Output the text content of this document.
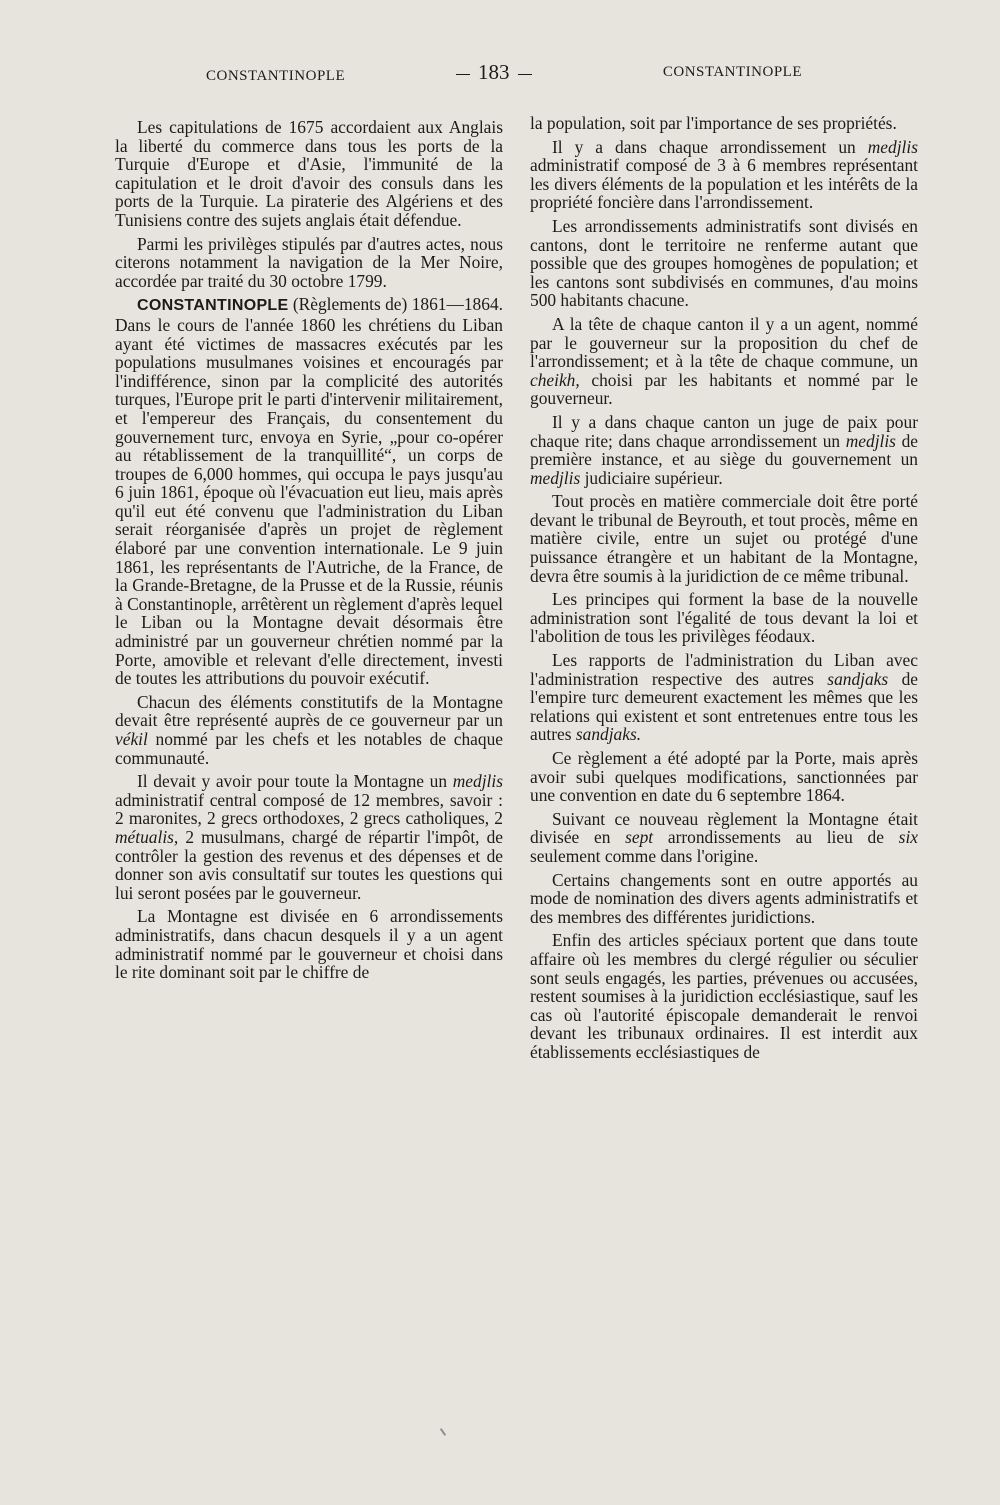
CONSTANTINOPLE	183	CONSTANTINOPLE

Les capitulations de 1675 accordaient aux Anglais la liberté du commerce dans tous les ports de la Turquie d'Europe et d'Asie, l'immunité de la capitulation et le droit d'avoir des consuls dans les ports de la Turquie. La piraterie des Algériens et des Tunisiens contre des sujets anglais était défendue.

Parmi les privilèges stipulés par d'autres actes, nous citerons notamment la navigation de la Mer Noire, accordée par traité du 30 octobre 1799.

CONSTANTINOPLE (Règlements de) 1861—1864. Dans le cours de l'année 1860 les chrétiens du Liban ayant été victimes de massacres exécutés par les populations musulmanes voisines et encouragés par l'indifférence, sinon par la complicité des autorités turques, l'Europe prit le parti d'intervenir militairement, et l'empereur des Français, du consentement du gouvernement turc, envoya en Syrie, „pour co-opérer au rétablissement de la tranquillité“, un corps de troupes de 6,000 hommes, qui occupa le pays jusqu'au 6 juin 1861, époque où l'évacuation eut lieu, mais après qu'il eut été convenu que l'administration du Liban serait réorganisée d'après un projet de règlement élaboré par une convention internationale. Le 9 juin 1861, les représentants de l'Autriche, de la France, de la Grande-Bretagne, de la Prusse et de la Russie, réunis à Constantinople, arrêtèrent un règlement d'après lequel le Liban ou la Montagne devait désormais être administré par un gouverneur chrétien nommé par la Porte, amovible et relevant d'elle directement, investi de toutes les attributions du pouvoir exécutif.

Chacun des éléments constitutifs de la Montagne devait être représenté auprès de ce gouverneur par un vékil nommé par les chefs et les notables de chaque communauté.

Il devait y avoir pour toute la Montagne un medjlis administratif central composé de 12 membres, savoir : 2 maronites, 2 grecs orthodoxes, 2 grecs catholiques, 2 métualis, 2 musulmans, chargé de répartir l'impôt, de contrôler la gestion des revenus et des dépenses et de donner son avis consultatif sur toutes les questions qui lui seront posées par le gouverneur.

La Montagne est divisée en 6 arrondissements administratifs, dans chacun desquels il y a un agent administratif nommé par le gouverneur et choisi dans le rite dominant soit par le chiffre de

la population, soit par l'importance de ses propriétés.

Il y a dans chaque arrondissement un medjlis administratif composé de 3 à 6 membres représentant les divers éléments de la population et les intérêts de la propriété foncière dans l'arrondissement.

Les arrondissements administratifs sont divisés en cantons, dont le territoire ne renferme autant que possible que des groupes homogènes de population; et les cantons sont subdivisés en communes, d'au moins 500 habitants chacune.

A la tête de chaque canton il y a un agent, nommé par le gouverneur sur la proposition du chef de l'arrondissement; et à la tête de chaque commune, un cheikh, choisi par les habitants et nommé par le gouverneur.

Il y a dans chaque canton un juge de paix pour chaque rite; dans chaque arrondissement un medjlis de première instance, et au siège du gouvernement un medjlis judiciaire supérieur.

Tout procès en matière commerciale doit être porté devant le tribunal de Beyrouth, et tout procès, même en matière civile, entre un sujet ou protégé d'une puissance étrangère et un habitant de la Montagne, devra être soumis à la juridiction de ce même tribunal.

Les principes qui forment la base de la nouvelle administration sont l'égalité de tous devant la loi et l'abolition de tous les privilèges féodaux.

Les rapports de l'administration du Liban avec l'administration respective des autres sandjaks de l'empire turc demeurent exactement les mêmes que les relations qui existent et sont entretenues entre tous les autres sandjaks.

Ce règlement a été adopté par la Porte, mais après avoir subi quelques modifications, sanctionnées par une convention en date du 6 septembre 1864.

Suivant ce nouveau règlement la Montagne était divisée en sept arrondissements au lieu de six seulement comme dans l'origine.

Certains changements sont en outre apportés au mode de nomination des divers agents administratifs et des membres des différentes juridictions.

Enfin des articles spéciaux portent que dans toute affaire où les membres du clergé régulier ou séculier sont seuls engagés, les parties, prévenues ou accusées, restent soumises à la juridiction ecclésiastique, sauf les cas où l'autorité épiscopale demanderait le renvoi devant les tribunaux ordinaires. Il est interdit aux établissements ecclésiastiques de
